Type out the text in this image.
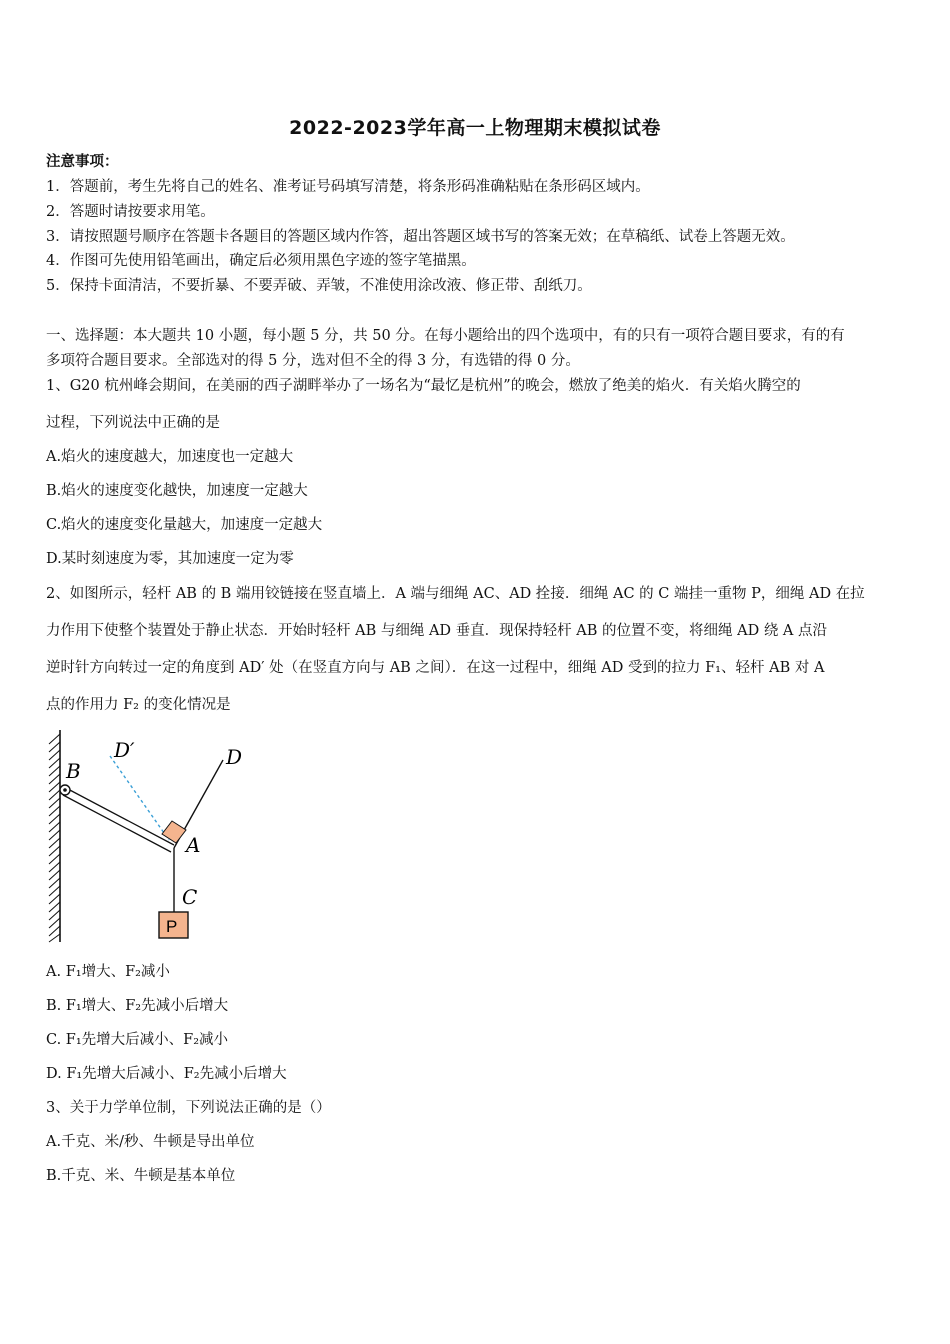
2022-2023学年高一上物理期末模拟试卷
注意事项：
1．答题前，考生先将自己的姓名、准考证号码填写清楚，将条形码准确粘贴在条形码区域内。
2．答题时请按要求用笔。
3．请按照题号顺序在答题卡各题目的答题区域内作答，超出答题区域书写的答案无效；在草稿纸、试卷上答题无效。
4．作图可先使用铅笔画出，确定后必须用黑色字迹的签字笔描黑。
5．保持卡面清洁，不要折暴、不要弄破、弄皱，不准使用涂改液、修正带、刮纸刀。
一、选择题：本大题共 10 小题，每小题 5 分，共 50 分。在每小题给出的四个选项中，有的只有一项符合题目要求，有的有
多项符合题目要求。全部选对的得 5 分，选对但不全的得 3 分，有选错的得 0 分。
1、G20 杭州峰会期间，在美丽的西子湖畔举办了一场名为“最忆是杭州”的晚会，燃放了绝美的焰火．有关焰火腾空的
过程，下列说法中正确的是
A.焰火的速度越大，加速度也一定越大
B.焰火的速度变化越快，加速度一定越大
C.焰火的速度变化量越大，加速度一定越大
D.某时刻速度为零，其加速度一定为零
2、如图所示，轻杆 AB 的 B 端用铰链接在竖直墙上．A 端与细绳 AC、AD 拴接．细绳 AC 的 C 端挂一重物 P，细绳 AD 在拉
力作用下使整个装置处于静止状态．开始时轻杆 AB 与细绳 AD 垂直．现保持轻杆 AB 的位置不变，将细绳 AD 绕 A 点沿
逆时针方向转过一定的角度到 AD′ 处（在竖直方向与 AB 之间）．在这一过程中，细绳 AD 受到的拉力 F₁、轻杆 AB 对 A
点的作用力 F₂ 的变化情况是
D′	D
B
A
C
P
A. F₁增大、F₂减小
B. F₁增大、F₂先减小后增大
C. F₁先增大后减小、F₂减小
D. F₁先增大后减小、F₂先减小后增大
3、关于力学单位制，下列说法正确的是（）
A.千克、米/秒、牛顿是导出单位
B.千克、米、牛顿是基本单位
